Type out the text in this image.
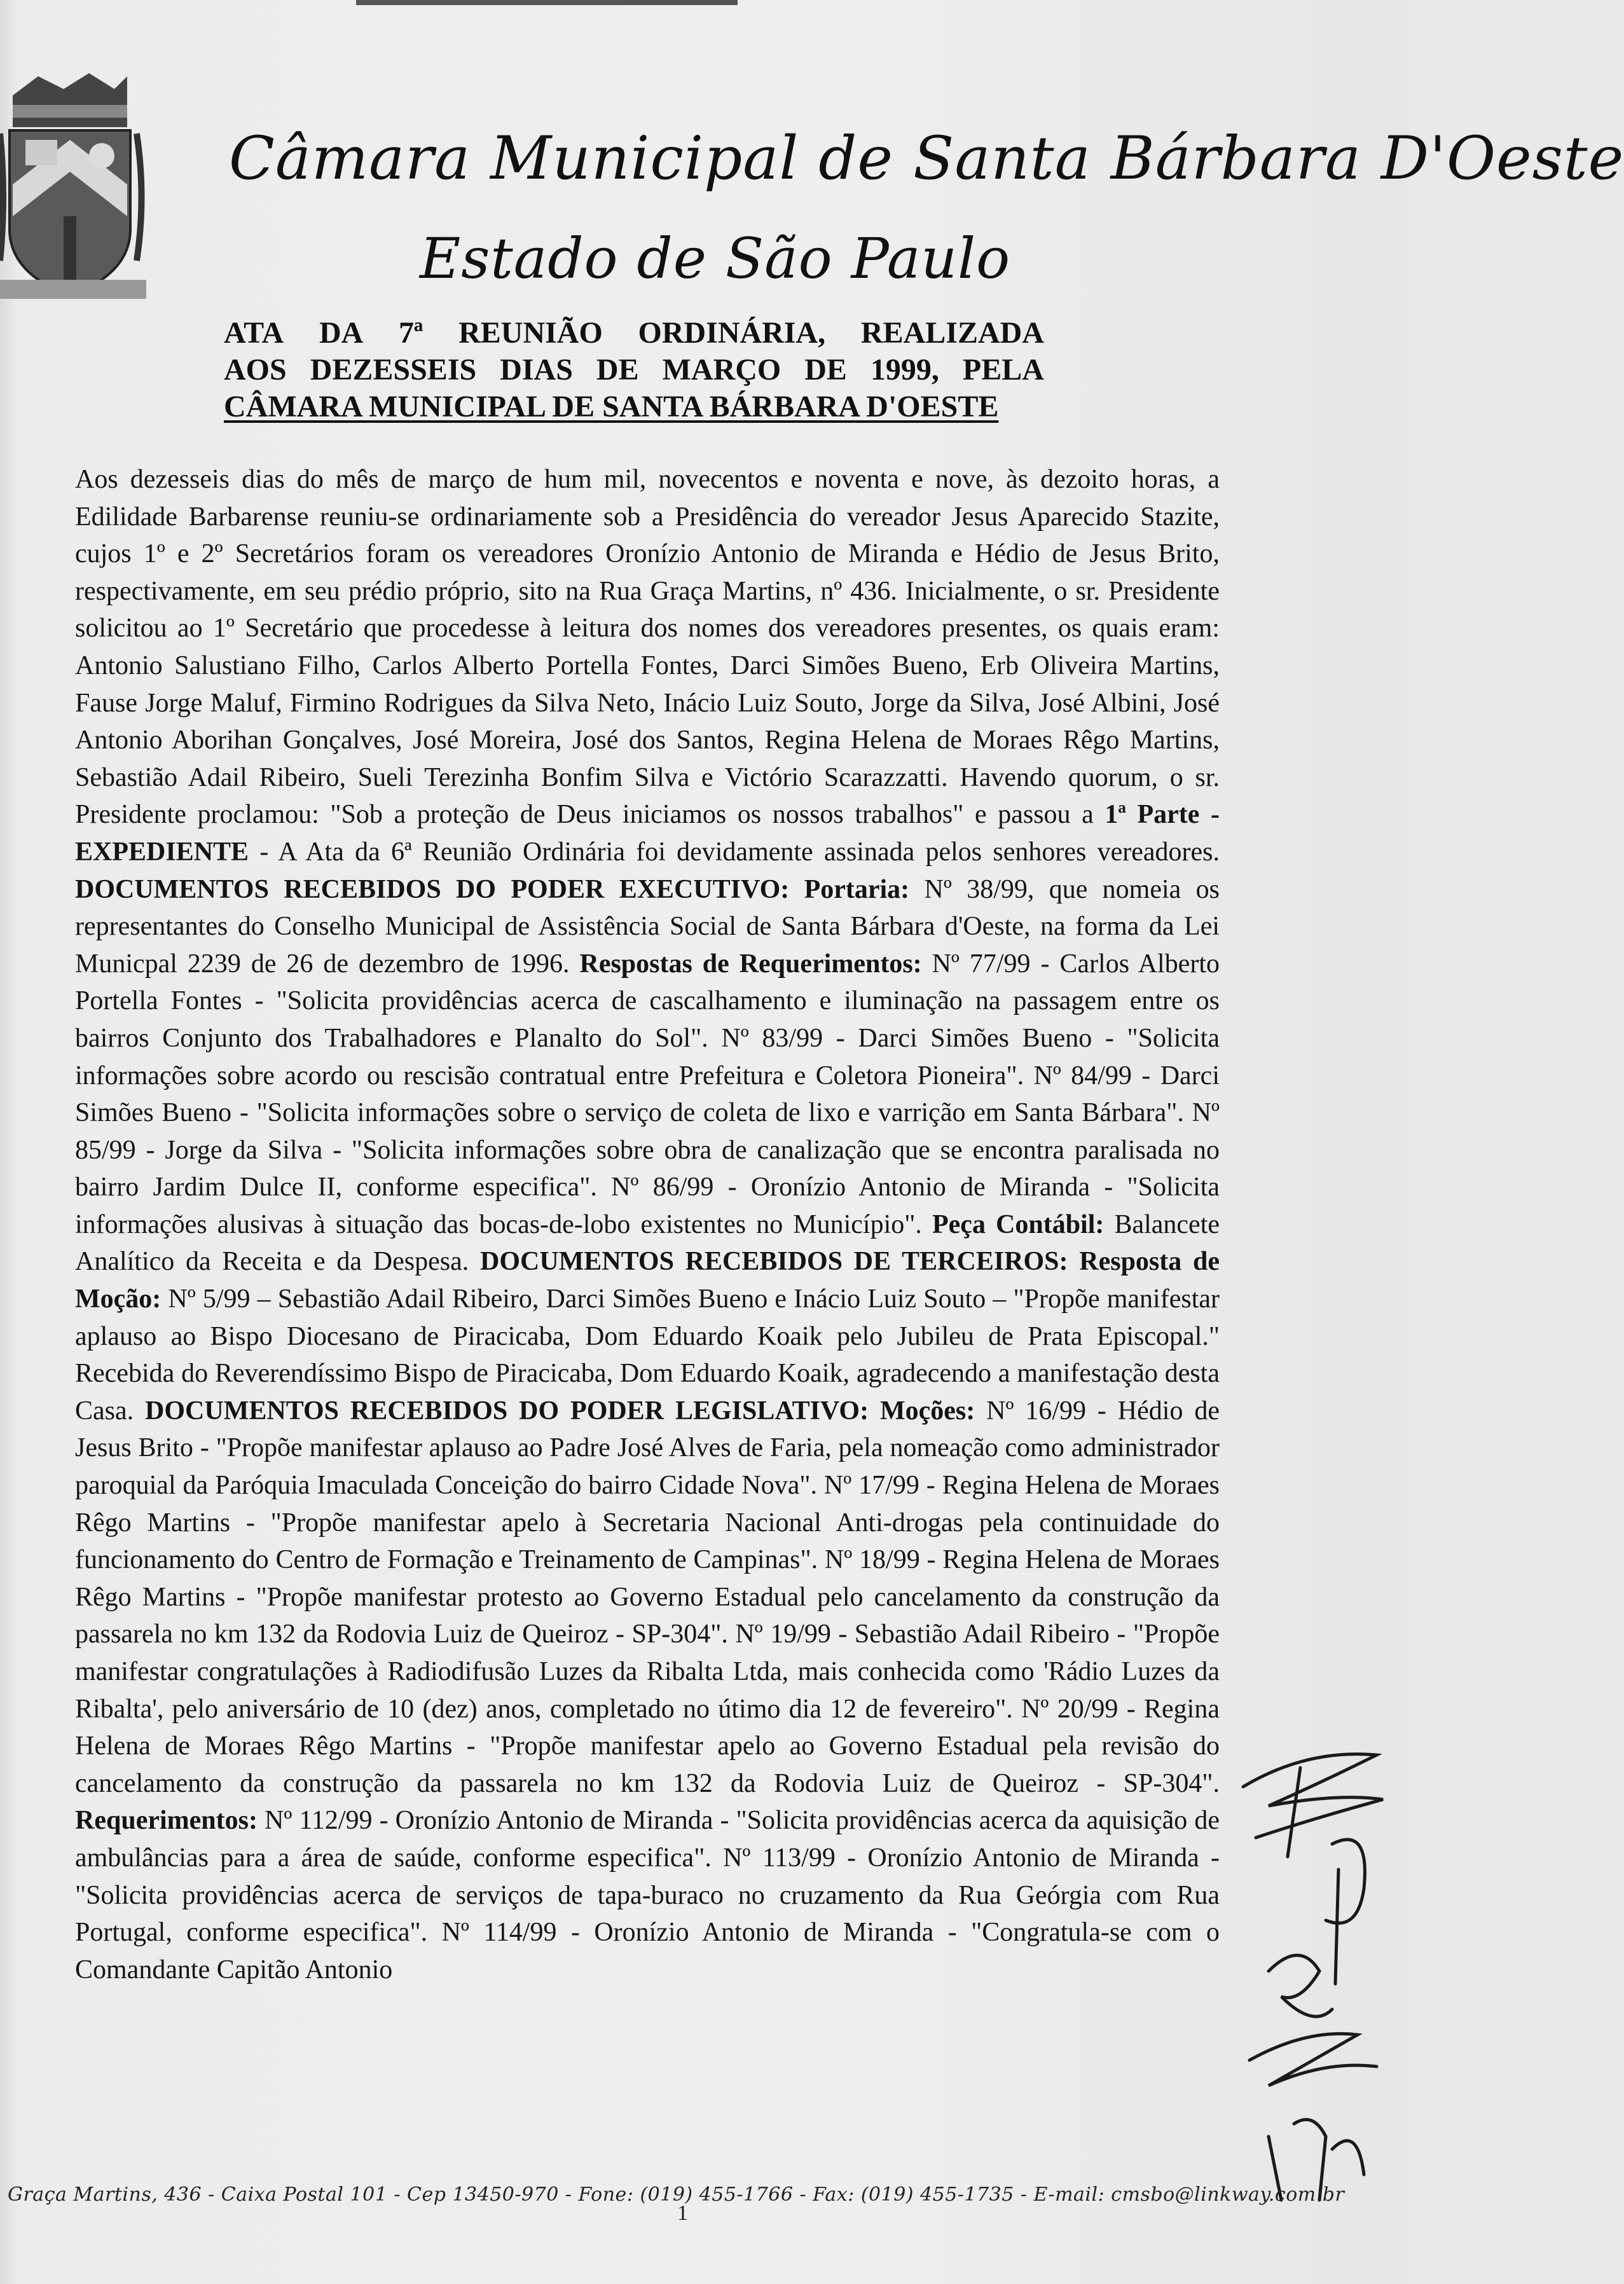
Câmara Municipal de Santa Bárbara D'Oeste
Estado de São Paulo
ATA DA 7ª REUNIÃO ORDINÁRIA, REALIZADA
AOS DEZESSEIS DIAS DE MARÇO DE 1999, PELA
CÂMARA MUNICIPAL DE SANTA BÁRBARA D'OESTE
Aos dezesseis dias do mês de março de hum mil, novecentos e noventa e nove, às dezoito horas, a Edilidade Barbarense reuniu-se ordinariamente sob a Presidência do vereador Jesus Aparecido Stazite, cujos 1º e 2º Secretários foram os vereadores Oronízio Antonio de Miranda e Hédio de Jesus Brito, respectivamente, em seu prédio próprio, sito na Rua Graça Martins, nº 436. Inicialmente, o sr. Presidente solicitou ao 1º Secretário que procedesse à leitura dos nomes dos vereadores presentes, os quais eram: Antonio Salustiano Filho, Carlos Alberto Portella Fontes, Darci Simões Bueno, Erb Oliveira Martins, Fause Jorge Maluf, Firmino Rodrigues da Silva Neto, Inácio Luiz Souto, Jorge da Silva, José Albini, José Antonio Aborihan Gonçalves, José Moreira, José dos Santos, Regina Helena de Moraes Rêgo Martins, Sebastião Adail Ribeiro, Sueli Terezinha Bonfim Silva e Victório Scarazzatti. Havendo quorum, o sr. Presidente proclamou: "Sob a proteção de Deus iniciamos os nossos trabalhos" e passou a 1ª Parte - EXPEDIENTE - A Ata da 6ª Reunião Ordinária foi devidamente assinada pelos senhores vereadores. DOCUMENTOS RECEBIDOS DO PODER EXECUTIVO: Portaria: Nº 38/99, que nomeia os representantes do Conselho Municipal de Assistência Social de Santa Bárbara d'Oeste, na forma da Lei Municpal 2239 de 26 de dezembro de 1996. Respostas de Requerimentos: Nº 77/99 - Carlos Alberto Portella Fontes - "Solicita providências acerca de cascalhamento e iluminação na passagem entre os bairros Conjunto dos Trabalhadores e Planalto do Sol". Nº 83/99 - Darci Simões Bueno - "Solicita informações sobre acordo ou rescisão contratual entre Prefeitura e Coletora Pioneira". Nº 84/99 - Darci Simões Bueno - "Solicita informações sobre o serviço de coleta de lixo e varrição em Santa Bárbara". Nº 85/99 - Jorge da Silva - "Solicita informações sobre obra de canalização que se encontra paralisada no bairro Jardim Dulce II, conforme especifica". Nº 86/99 - Oronízio Antonio de Miranda - "Solicita informações alusivas à situação das bocas-de-lobo existentes no Município". Peça Contábil: Balancete Analítico da Receita e da Despesa. DOCUMENTOS RECEBIDOS DE TERCEIROS: Resposta de Moção: Nº 5/99 – Sebastião Adail Ribeiro, Darci Simões Bueno e Inácio Luiz Souto – "Propõe manifestar aplauso ao Bispo Diocesano de Piracicaba, Dom Eduardo Koaik pelo Jubileu de Prata Episcopal." Recebida do Reverendíssimo Bispo de Piracicaba, Dom Eduardo Koaik, agradecendo a manifestação desta Casa. DOCUMENTOS RECEBIDOS DO PODER LEGISLATIVO: Moções: Nº 16/99 - Hédio de Jesus Brito - "Propõe manifestar aplauso ao Padre José Alves de Faria, pela nomeação como administrador paroquial da Paróquia Imaculada Conceição do bairro Cidade Nova". Nº 17/99 - Regina Helena de Moraes Rêgo Martins - "Propõe manifestar apelo à Secretaria Nacional Anti-drogas pela continuidade do funcionamento do Centro de Formação e Treinamento de Campinas". Nº 18/99 - Regina Helena de Moraes Rêgo Martins - "Propõe manifestar protesto ao Governo Estadual pelo cancelamento da construção da passarela no km 132 da Rodovia Luiz de Queiroz - SP-304". Nº 19/99 - Sebastião Adail Ribeiro - "Propõe manifestar congratulações à Radiodifusão Luzes da Ribalta Ltda, mais conhecida como 'Rádio Luzes da Ribalta', pelo aniversário de 10 (dez) anos, completado no útimo dia 12 de fevereiro". Nº 20/99 - Regina Helena de Moraes Rêgo Martins - "Propõe manifestar apelo ao Governo Estadual pela revisão do cancelamento da construção da passarela no km 132 da Rodovia Luiz de Queiroz - SP-304". Requerimentos: Nº 112/99 - Oronízio Antonio de Miranda - "Solicita providências acerca da aquisição de ambulâncias para a área de saúde, conforme especifica". Nº 113/99 - Oronízio Antonio de Miranda - "Solicita providências acerca de serviços de tapa-buraco no cruzamento da Rua Geórgia com Rua Portugal, conforme especifica". Nº 114/99 - Oronízio Antonio de Miranda - "Congratula-se com o Comandante Capitão Antonio
Graça Martins, 436 - Caixa Postal 101 - Cep 13450-970 - Fone: (019) 455-1766 - Fax: (019) 455-1735 - E-mail: cmsbo@linkway.com.br
1
